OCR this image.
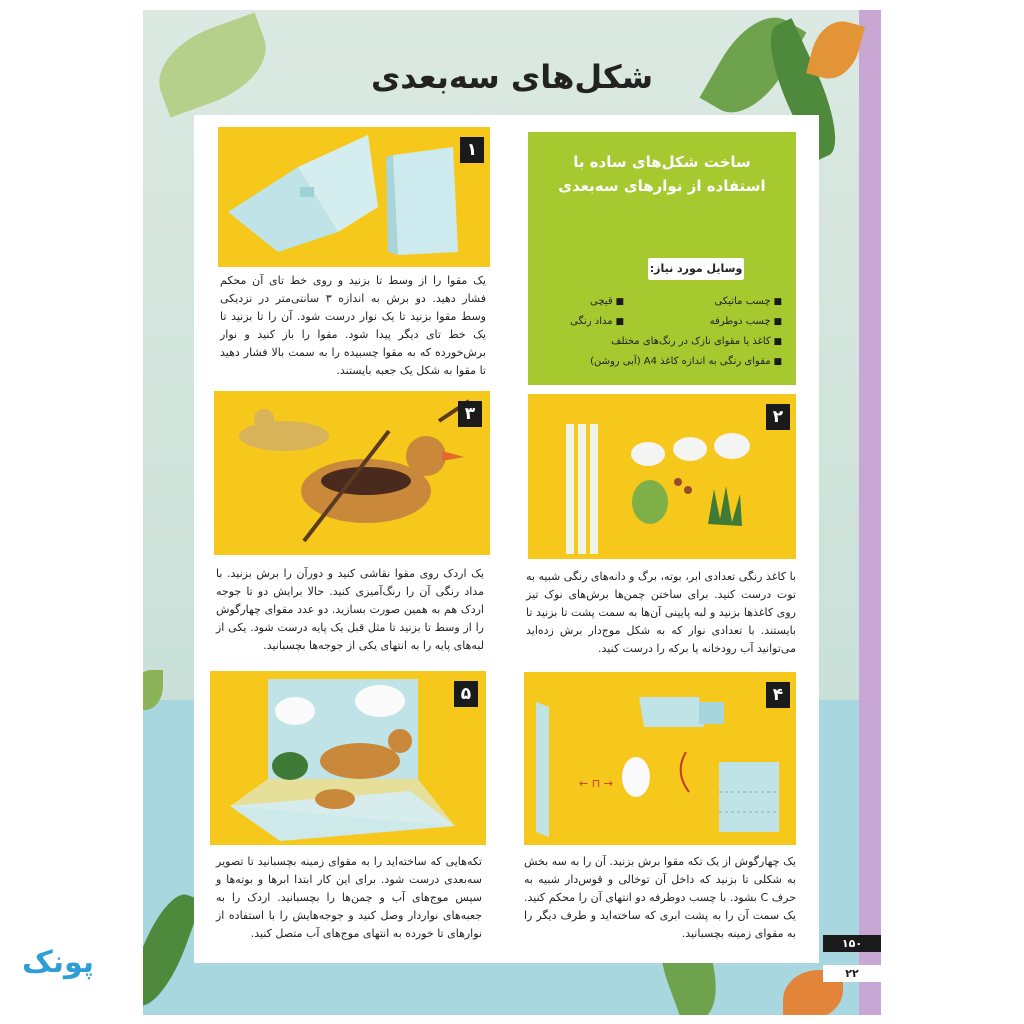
شکل‌های سه‌بعدی
۱۵۰
۲۲
ساخت شکل‌های ساده با
استفاده از نوارهای سه‌بعدی
وسایل مورد نیاز:
■ چسب ماتیکی
■ قیچی
■ چسب دوطرفه
■ مداد رنگی
■ کاغذ یا مقوای نازک در رنگ‌های مختلف
■ مقوای رنگی به اندازه کاغذ A4 (آبی روشن)
۱
یک مقوا را از وسط تا بزنید و روی خط تای آن محکم فشار دهید. دو برش به اندازه ۳ سانتی‌متر در نزدیکی وسط مقوا بزنید تا یک نوار درست شود. آن را تا بزنید تا یک خط تای دیگر پیدا شود. مقوا را باز کنید و نوار برش‌خورده که به مقوا چسبیده را به سمت بالا فشار دهید تا مقوا به شکل یک جعبه بایستند.
۳
یک اردک روی مقوا نقاشی کنید و دورآن را برش بزنید. با مداد رنگی آن را رنگ‌آمیزی کنید. حالا برایش دو تا جوجه اردک هم به همین صورت بسازید. دو عدد مقوای چهارگوش را از وسط تا بزنید تا مثل قبل یک پایه درست شود. یکی از لبه‌های پایه را به انتهای یکی از جوجه‌ها بچسبانید.
۲
با کاغذ رنگی تعدادی ابر، بوته، برگ و دانه‌های رنگی شبیه به توت درست کنید. برای ساختن چمن‌ها برش‌های نوک تیز روی کاغذها بزنید و لبه پایینی آن‌ها به سمت پشت تا بزنید تا بایستند. با تعدادی نوار که به شکل موج‌دار برش زده‌اید می‌توانید آب رودخانه یا برکه را درست کنید.
۵
تکه‌هایی که ساخته‌اید را به مقوای زمینه بچسبانید تا تصویر سه‌بعدی درست شود. برای این کار ابتدا ابرها و بوته‌ها و سپس موج‌های آب و چمن‌ها را بچسبانید. اردک را به جعبه‌های نواردار وصل کنید و جوجه‌هایش را با استفاده از نوارهای تا خورده به انتهای موج‌های آب متصل کنید.
← ⊓ →
۴
یک چهارگوش از یک تکه مقوا برش بزنید. آن را به سه بخش به شکلی تا بزنید که داخل آن توخالی و قوس‌دار شبیه به حرف C بشود. با چسب دوطرفه دو انتهای آن را محکم کنید. یک سمت آن را به پشت ابری که ساخته‌اید و طرف دیگر را به مقوای زمینه بچسبانید.
پونک
